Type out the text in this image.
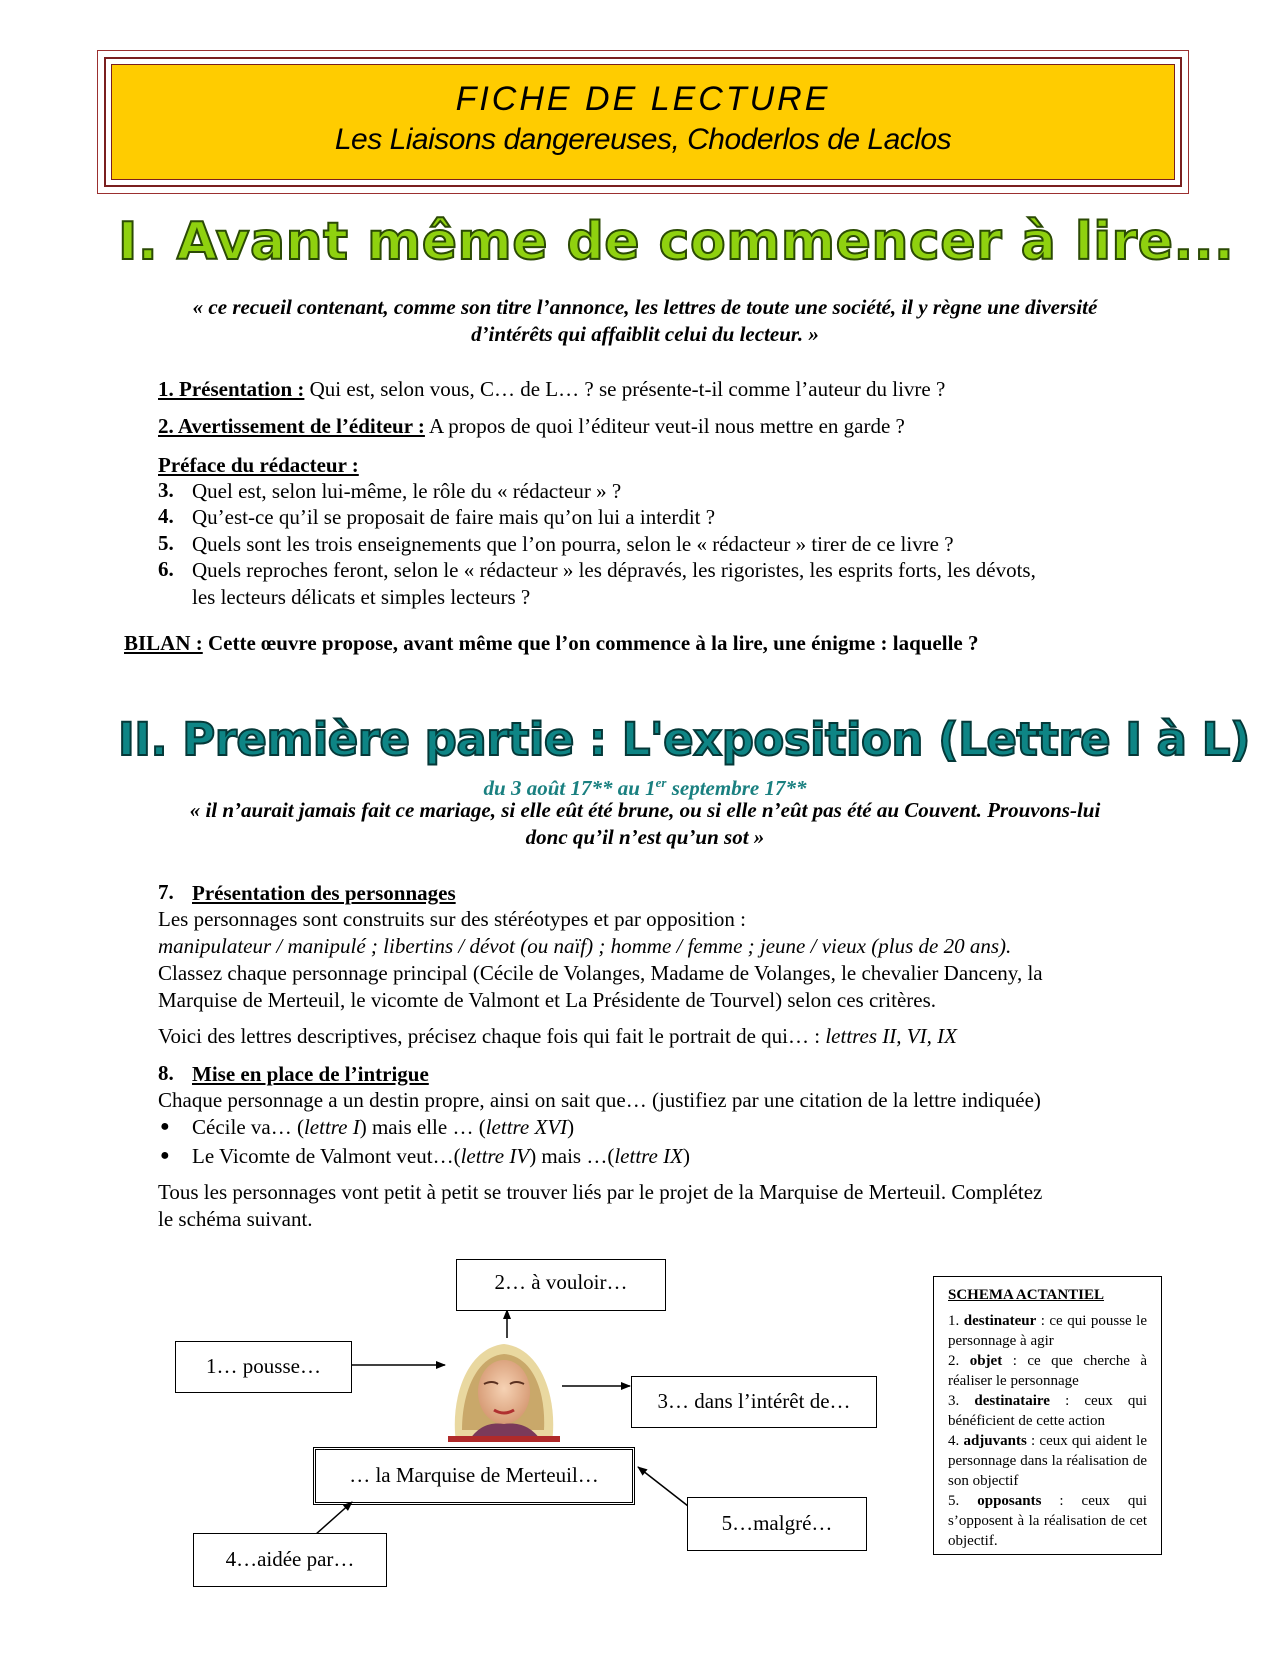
FICHE DE LECTURE
Les Liaisons dangereuses, Choderlos de Laclos
I. Avant même de commencer à lire...
« ce recueil contenant, comme son titre l’annonce, les lettres de toute une société, il y règne une diversité
d’intérêts qui affaiblit celui du lecteur. »
1. Présentation : Qui est, selon vous, C… de L… ? se présente-t-il comme l’auteur du livre ?
2. Avertissement de l’éditeur : A propos de quoi l’éditeur veut-il nous mettre en garde ?
Préface du rédacteur :
3. Quel est, selon lui-même, le rôle du « rédacteur » ?
4. Qu’est-ce qu’il se proposait de faire mais qu’on lui a interdit ?
5. Quels sont les trois enseignements que l’on pourra, selon le « rédacteur » tirer de ce livre ?
6. Quels reproches feront, selon le « rédacteur » les dépravés, les rigoristes, les esprits forts, les dévots,
les lecteurs délicats et simples lecteurs ?
BILAN : Cette œuvre propose, avant même que l’on commence à la lire, une énigme : laquelle ?
II. Première partie : L'exposition (Lettre I à L)
du 3 août 17** au 1er septembre 17**
« il n’aurait jamais fait ce mariage, si elle eût été brune, ou si elle n’eût pas été au Couvent. Prouvons-lui
donc qu’il n’est qu’un sot »
7. Présentation des personnages
Les personnages sont construits sur des stéréotypes et par opposition :
manipulateur / manipulé ; libertins / dévot (ou naïf) ; homme / femme ; jeune / vieux (plus de 20 ans).
Classez chaque personnage principal (Cécile de Volanges, Madame de Volanges, le chevalier Danceny, la
Marquise de Merteuil, le vicomte de Valmont et La Présidente de Tourvel) selon ces critères.
Voici des lettres descriptives, précisez chaque fois qui fait le portrait de qui… : lettres II, VI, IX
8. Mise en place de l’intrigue
Chaque personnage a un destin propre, ainsi on sait que… (justifiez par une citation de la lettre indiquée)
● Cécile va… (lettre I) mais elle … (lettre XVI)
● Le Vicomte de Valmont veut…(lettre IV) mais …(lettre IX)
Tous les personnages vont petit à petit se trouver liés par le projet de la Marquise de Merteuil. Complétez
le schéma suivant.
1… pousse…
2… à vouloir…
3… dans l’intérêt de…
4…aidée par…
5…malgré…
… la Marquise de Merteuil…
SCHEMA ACTANTIEL
1. destinateur : ce qui pousse le personnage à agir
2. objet : ce que cherche à réaliser le personnage
3. destinataire : ceux qui bénéficient de cette action
4. adjuvants : ceux qui aident le personnage dans la réalisation de son objectif
5. opposants : ceux qui s’opposent à la réalisation de cet objectif.
